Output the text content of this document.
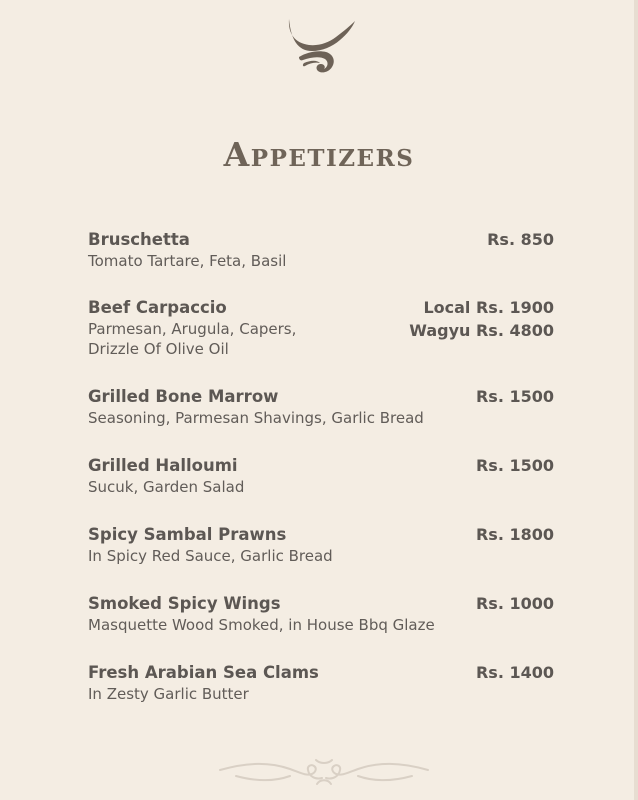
Appetizers
Bruschetta
Tomato Tartare, Feta, Basil
Rs. 850
Beef Carpaccio
Parmesan, Arugula, Capers,
Drizzle Of Olive Oil
Local Rs. 1900
Wagyu Rs. 4800
Grilled Bone Marrow
Seasoning, Parmesan Shavings, Garlic Bread
Rs. 1500
Grilled Halloumi
Sucuk, Garden Salad
Rs. 1500
Spicy Sambal Prawns
In Spicy Red Sauce, Garlic Bread
Rs. 1800
Smoked Spicy Wings
Masquette Wood Smoked, in House Bbq Glaze
Rs. 1000
Fresh Arabian Sea Clams
In Zesty Garlic Butter
Rs. 1400
